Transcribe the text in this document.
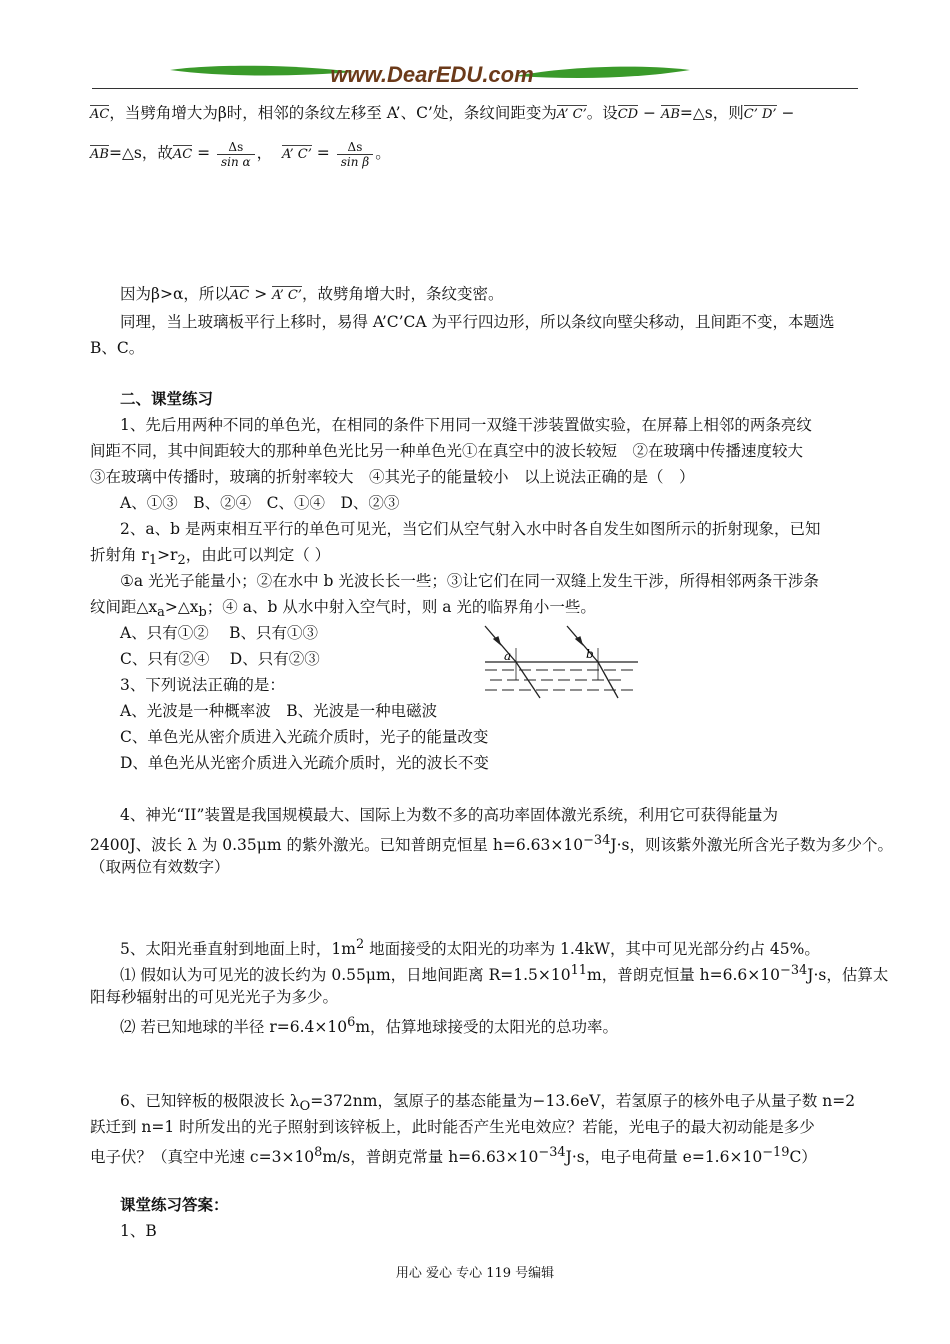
www.DearEDU.com
AC，当劈角增大为β时，相邻的条纹左移至 A’、C’处，条纹间距变为A’ C’。设CD − AB=△s，则C’ D’ −
AB=△s，故AC = $\frac{\Delta s}{\text{sin α}}$ ， A’ C’ = $\frac{\Delta s}{\text{sin β}}$ 。
因为β>α，所以AC > A’ C’，故劈角增大时，条纹变密。
同理，当上玻璃板平行上移时，易得 A’C’CA 为平行四边形，所以条纹向壁尖移动，且间距不变，本题选
B、C。
二、课堂练习
1、先后用两种不同的单色光，在相同的条件下用同一双缝干涉装置做实验，在屏幕上相邻的两条亮纹
间距不同，其中间距较大的那种单色光比另一种单色光①在真空中的波长较短　②在玻璃中传播速度较大
③在玻璃中传播时，玻璃的折射率较大　④其光子的能量较小　以上说法正确的是（　）
A、①③　B、②④　C、①④　D、②③
2、a、b 是两束相互平行的单色可见光，当它们从空气射入水中时各自发生如图所示的折射现象，已知
折射角 $r_1>r_2$，由此可以判定（ ）
①a 光光子能量小；②在水中 b 光波长长一些；③让它们在同一双缝上发生干涉，所得相邻两条干涉条
纹间距$\triangle x_a>\triangle x_b$；④ a、b 从水中射入空气时，则 a 光的临界角小一些。
A、只有①②　 B、只有①③
C、只有②④　 D、只有②③	a	b
3、下列说法正确的是：
A、光波是一种概率波　B、光波是一种电磁波
C、单色光从密介质进入光疏介质时，光子的能量改变
D、单色光从光密介质进入光疏介质时，光的波长不变
4、神光“II”装置是我国规模最大、国际上为数不多的高功率固体激光系统，利用它可获得能量为
2400J、波长 λ 为 0.35μm 的紫外激光。已知普朗克恒星 $h=6.63\times 10^{-34}J\cdot s$，则该紫外激光所含光子数为多少个。
（取两位有效数字）
5、太阳光垂直射到地面上时，$1m^2$ 地面接受的太阳光的功率为 1.4kW，其中可见光部分约占 45%。
⑴ 假如认为可见光的波长约为 0.55μm，日地间距离 $R=1.5\times 10^{11}m$，普朗克恒量 $h=6.6\times 10^{-34}J\cdot s$，估算太
阳每秒辐射出的可见光光子为多少。
⑵ 若已知地球的半径 $r=6.4\times 10^6m$，估算地球接受的太阳光的总功率。
6、已知锌板的极限波长 $\lambda_O=372nm$，氢原子的基态能量为−13.6eV，若氢原子的核外电子从量子数 n=2
跃迁到 n=1 时所发出的光子照射到该锌板上，此时能否产生光电效应？若能，光电子的最大初动能是多少
电子伏？（真空中光速 $c=3\times 10^8m/s$，普朗克常量 $h=6.63\times 10^{-34}J\cdot s$，电子电荷量 $e=1.6\times 10^{-19}C$）
课堂练习答案：
1、B
用心 爱心 专心 119 号编辑
